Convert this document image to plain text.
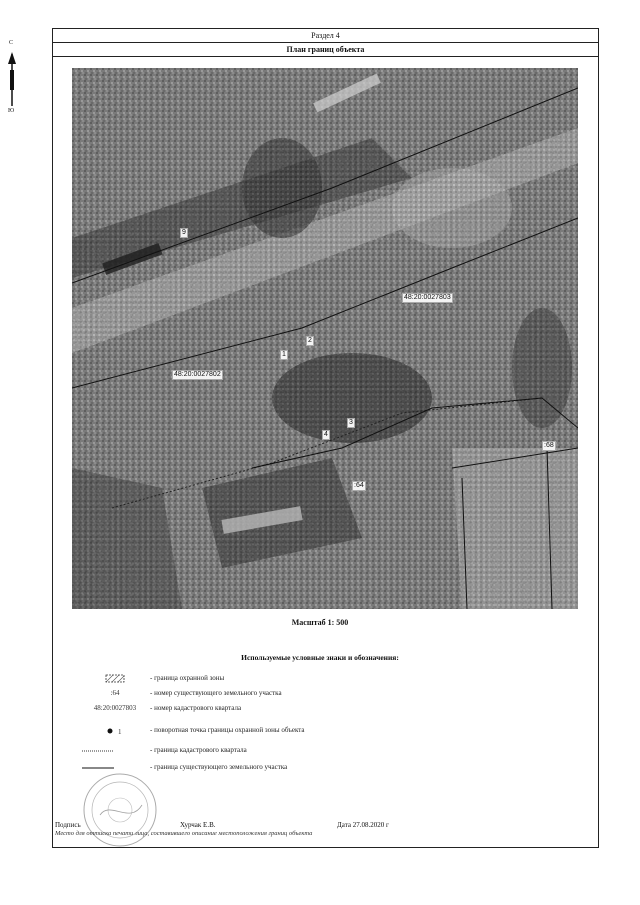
Раздел 4
План границ объекта
С
Ю
9
48:20:0027803
48:20:0027802
:64
:68
1
2
3
4
Масштаб 1: 500
Используемые условные знаки и обозначения:
- граница охранной зоны
:64	- номер существующего земельного участка
48:20:0027803	- номер кадастрового квартала
1	- поворотная точка границы охранной зоны объекта
- граница кадастрового квартала
- граница существующего земельного участка
Подпись	Хурчак Е.В.	Дата 27.08.2020 г
Место для оттиска печати лица, составившего описание местоположения границ объекта
